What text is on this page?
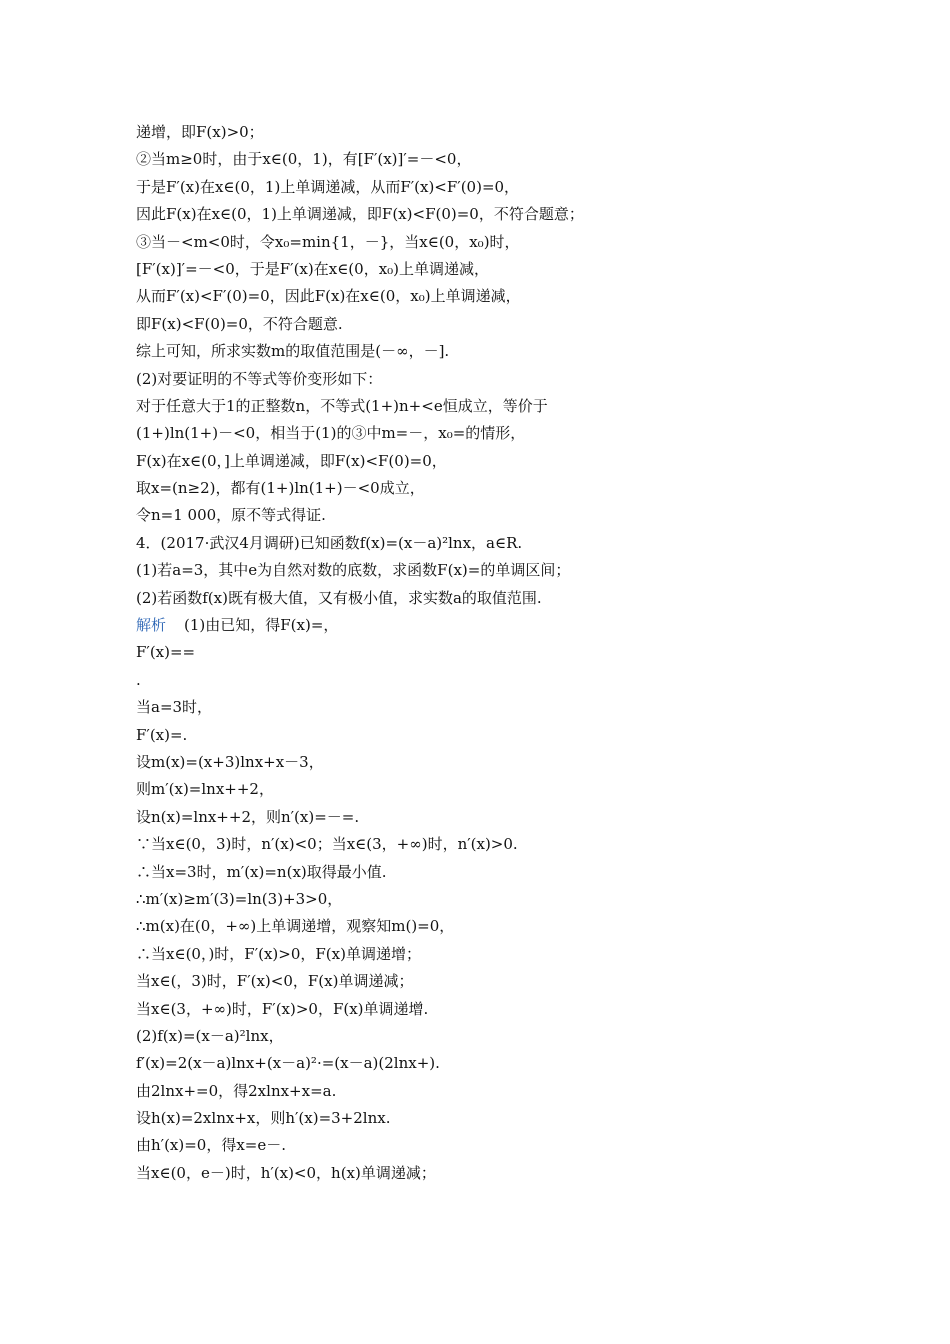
递增，即F(x)>0；
②当m≥0时，由于x∈(0，1)，有[F′(x)]′=－<0，
于是F′(x)在x∈(0，1)上单调递减，从而F′(x)<F′(0)=0，
因此F(x)在x∈(0，1)上单调递减，即F(x)<F(0)=0，不符合题意；
③当－<m<0时，令x₀=min{1，－}，当x∈(0，x₀)时，
[F′(x)]′=－<0，于是F′(x)在x∈(0，x₀)上单调递减，
从而F′(x)<F′(0)=0，因此F(x)在x∈(0，x₀)上单调递减，
即F(x)<F(0)=0，不符合题意.
综上可知，所求实数m的取值范围是(－∞，－].
(2)对要证明的不等式等价变形如下：
对于任意大于1的正整数n，不等式(1+)n+<e恒成立，等价于
(1+)ln(1+)－<0，相当于(1)的③中m=－，x₀=的情形，
F(x)在x∈(0，]上单调递减，即F(x)<F(0)=0，
取x=(n≥2)，都有(1+)ln(1+)－<0成立，
令n=1 000，原不等式得证.
4．(2017·武汉4月调研)已知函数f(x)=(x－a)²lnx，a∈R.
(1)若a=3，其中e为自然对数的底数，求函数F(x)=的单调区间；
(2)若函数f(x)既有极大值，又有极小值，求实数a的取值范围.
解析 (1)由已知，得F(x)=，
F′(x)==
.
当a=3时，
F′(x)=.
设m(x)=(x+3)lnx+x－3，
则m′(x)=lnx++2，
设n(x)=lnx++2，则n′(x)=－=.
∵当x∈(0，3)时，n′(x)<0；当x∈(3，+∞)时，n′(x)>0.
∴当x=3时，m′(x)=n(x)取得最小值.
∴m′(x)≥m′(3)=ln(3)+3>0，
∴m(x)在(0，+∞)上单调递增，观察知m()=0，
∴当x∈(0，)时，F′(x)>0，F(x)单调递增；
当x∈(，3)时，F′(x)<0，F(x)单调递减；
当x∈(3，+∞)时，F′(x)>0，F(x)单调递增.
(2)f(x)=(x－a)²lnx，
f′(x)=2(x－a)lnx+(x－a)²·=(x－a)(2lnx+).
由2lnx+=0，得2xlnx+x=a.
设h(x)=2xlnx+x，则h′(x)=3+2lnx.
由h′(x)=0，得x=e－.
当x∈(0，e－)时，h′(x)<0，h(x)单调递减；
